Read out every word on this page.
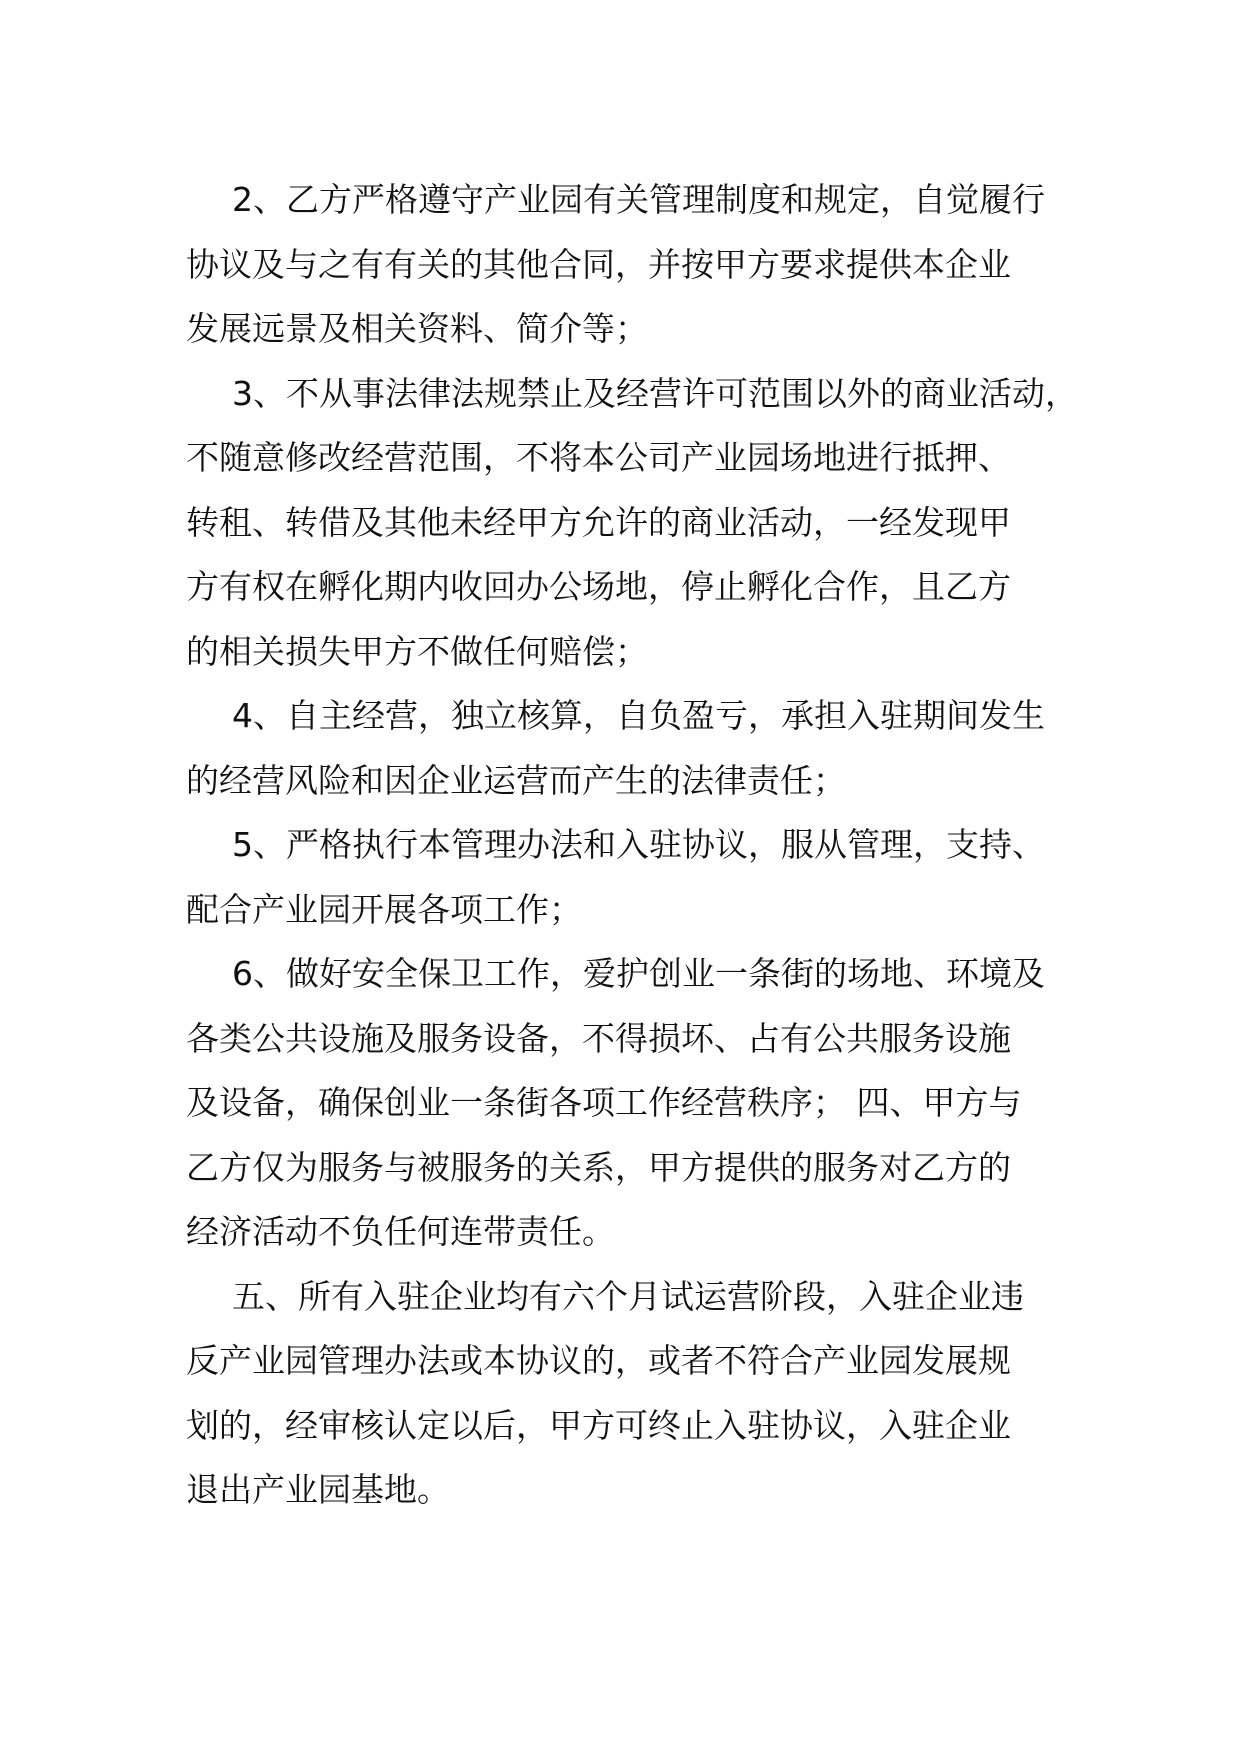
2、乙方严格遵守产业园有关管理制度和规定，自觉履行
协议及与之有有关的其他合同，并按甲方要求提供本企业
发展远景及相关资料、简介等；

3、不从事法律法规禁止及经营许可范围以外的商业活动，
不随意修改经营范围，不将本公司产业园场地进行抵押、
转租、转借及其他未经甲方允许的商业活动，一经发现甲
方有权在孵化期内收回办公场地，停止孵化合作，且乙方
的相关损失甲方不做任何赔偿；

4、自主经营，独立核算，自负盈亏，承担入驻期间发生
的经营风险和因企业运营而产生的法律责任；

5、严格执行本管理办法和入驻协议，服从管理，支持、
配合产业园开展各项工作；

6、做好安全保卫工作，爱护创业一条街的场地、环境及
各类公共设施及服务设备，不得损坏、占有公共服务设施
及设备，确保创业一条街各项工作经营秩序； 四、甲方与
乙方仅为服务与被服务的关系，甲方提供的服务对乙方的
经济活动不负任何连带责任。

五、所有入驻企业均有六个月试运营阶段，入驻企业违
反产业园管理办法或本协议的，或者不符合产业园发展规
划的，经审核认定以后，甲方可终止入驻协议，入驻企业
退出产业园基地。
